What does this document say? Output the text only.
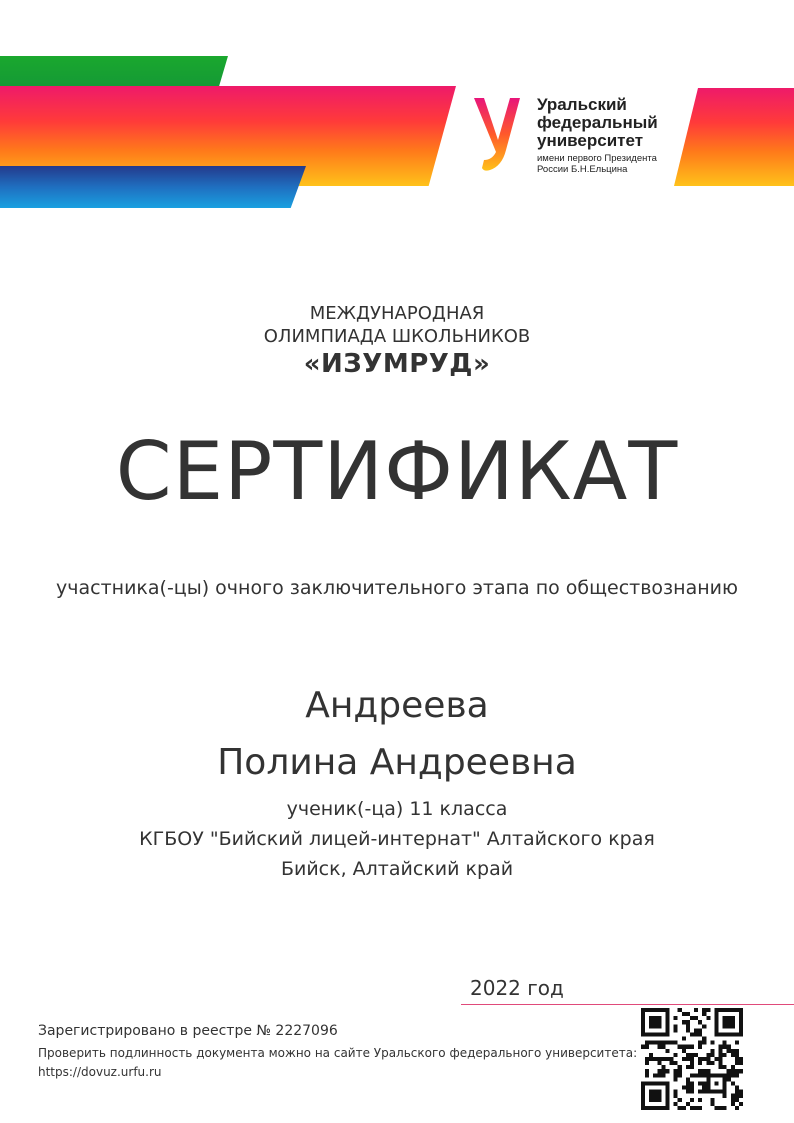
Уральский
федеральный
университет
имени первого Президента
России Б.Н.Ельцина
МЕЖДУНАРОДНАЯ
ОЛИМПИАДА ШКОЛЬНИКОВ
«ИЗУМРУД»
СЕРТИФИКАТ
участника(-цы) очного заключительного этапа по обществознанию
Андреева
Полина Андреевна
ученик(-ца) 11 класса
КГБОУ "Бийский лицей-интернат" Алтайского края
Бийск, Алтайский край
2022 год
Зарегистрировано в реестре № 2227096
Проверить подлинность документа можно на сайте Уральского федерального университета:
https://dovuz.urfu.ru
